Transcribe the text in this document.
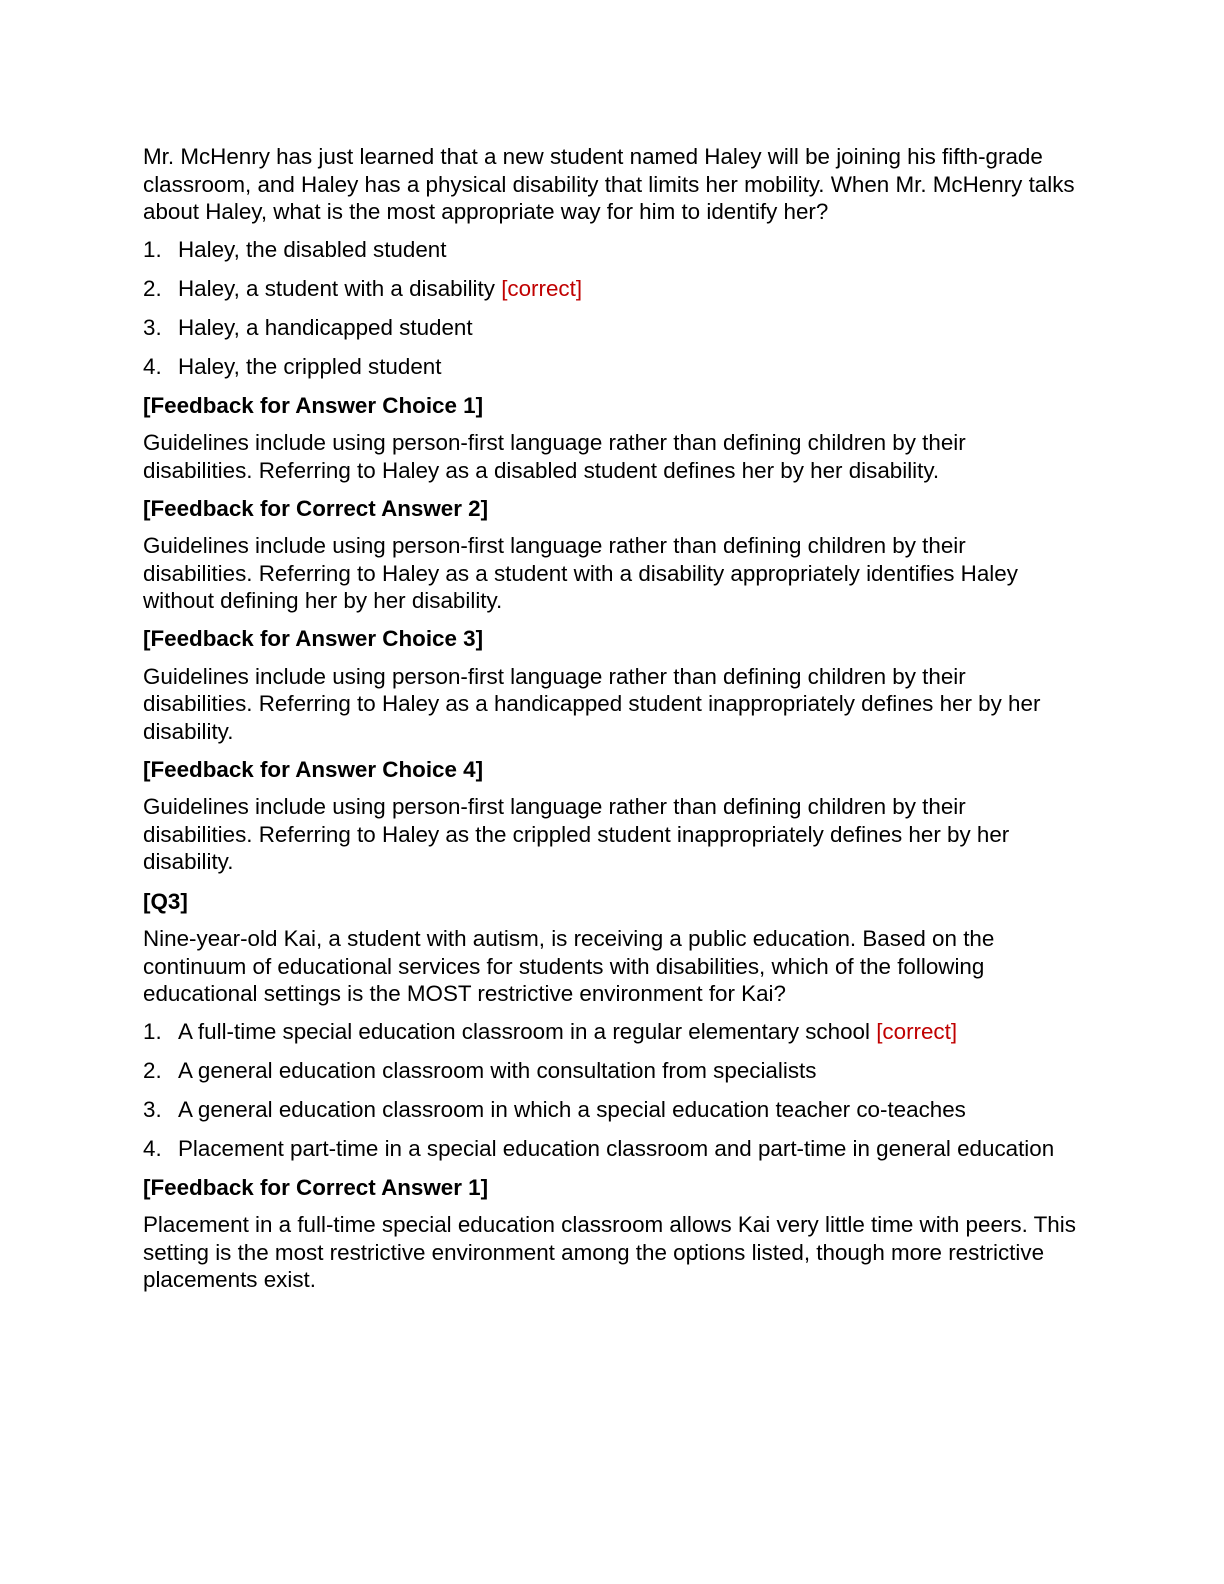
Mr. McHenry has just learned that a new student named Haley will be joining his fifth-grade classroom, and Haley has a physical disability that limits her mobility. When Mr. McHenry talks about Haley, what is the most appropriate way for him to identify her?

1. Haley, the disabled student
2. Haley, a student with a disability [correct]
3. Haley, a handicapped student
4. Haley, the crippled student
[Feedback for Answer Choice 1]

Guidelines include using person-first language rather than defining children by their disabilities. Referring to Haley as a disabled student defines her by her disability.

[Feedback for Correct Answer 2]

Guidelines include using person-first language rather than defining children by their disabilities. Referring to Haley as a student with a disability appropriately identifies Haley without defining her by her disability.

[Feedback for Answer Choice 3]

Guidelines include using person-first language rather than defining children by their disabilities. Referring to Haley as a handicapped student inappropriately defines her by her disability.

[Feedback for Answer Choice 4]

Guidelines include using person-first language rather than defining children by their disabilities. Referring to Haley as the crippled student inappropriately defines her by her disability.

[Q3]

Nine-year-old Kai, a student with autism, is receiving a public education. Based on the continuum of educational services for students with disabilities, which of the following educational settings is the MOST restrictive environment for Kai?

1. A full-time special education classroom in a regular elementary school [correct]
2. A general education classroom with consultation from specialists
3. A general education classroom in which a special education teacher co-teaches
4. Placement part-time in a special education classroom and part-time in general education
[Feedback for Correct Answer 1]

Placement in a full-time special education classroom allows Kai very little time with peers. This setting is the most restrictive environment among the options listed, though more restrictive placements exist.
